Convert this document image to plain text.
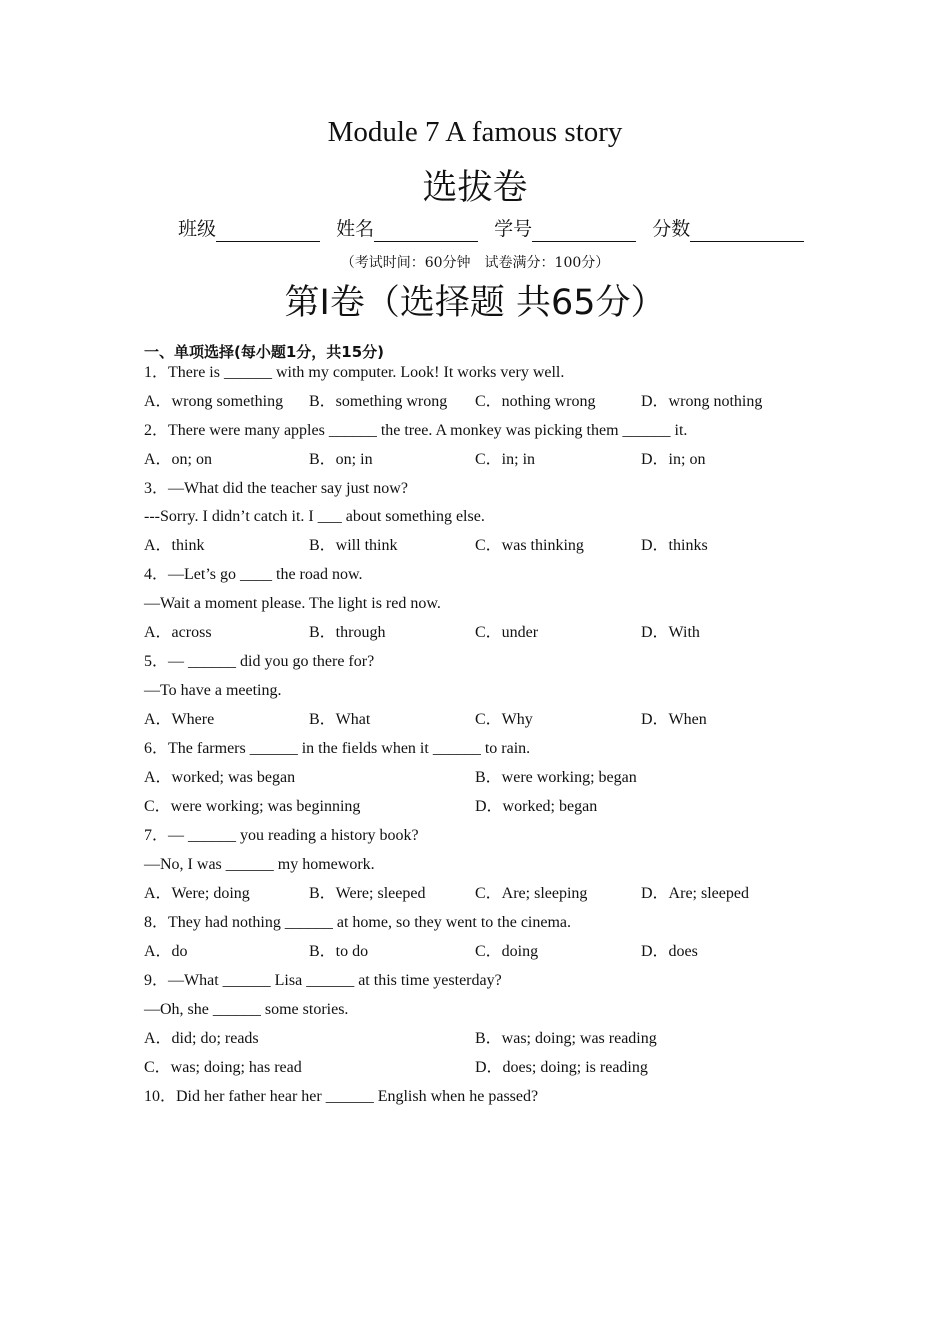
Module 7 A famous story
选拔卷
班级	姓名	学号	分数
（考试时间：60分钟　试卷满分：100分）
第Ⅰ卷（选择题 共65分）
一、单项选择(每小题1分，共15分)
1．There is ______ with my computer. Look! It works very well.
A．wrong something B．something wrong C．nothing wrong	D．wrong nothing
2．There were many apples ______ the tree. A monkey was picking them ______ it.
A．on; on	B．on; in	C．in; in	D．in; on
3．—What did the teacher say just now?
---Sorry. I didn’t catch it. I ___ about something else.
A．think	B．will think	C．was thinking	D．thinks
4．—Let’s go ____ the road now.
—Wait a moment please. The light is red now.
A．across	B．through	C．under	D．With
5．— ______ did you go there for?
—To have a meeting.
A．Where	B．What	C．Why	D．When
6．The farmers ______ in the fields when it ______ to rain.
A．worked; was began	B．were working; began
C．were working; was beginning	D．worked; began
7．— ______ you reading a history book?
—No, I was ______ my homework.
A．Were; doing	B．Were; sleeped	C．Are; sleeping	D．Are; sleeped
8．They had nothing ______ at home, so they went to the cinema.
A．do	B．to do	C．doing	D．does
9．—What ______ Lisa ______ at this time yesterday?
—Oh, she ______ some stories.
A．did; do; reads	B．was; doing; was reading
C．was; doing; has read	D．does; doing; is reading
10．Did her father hear her ______ English when he passed?
